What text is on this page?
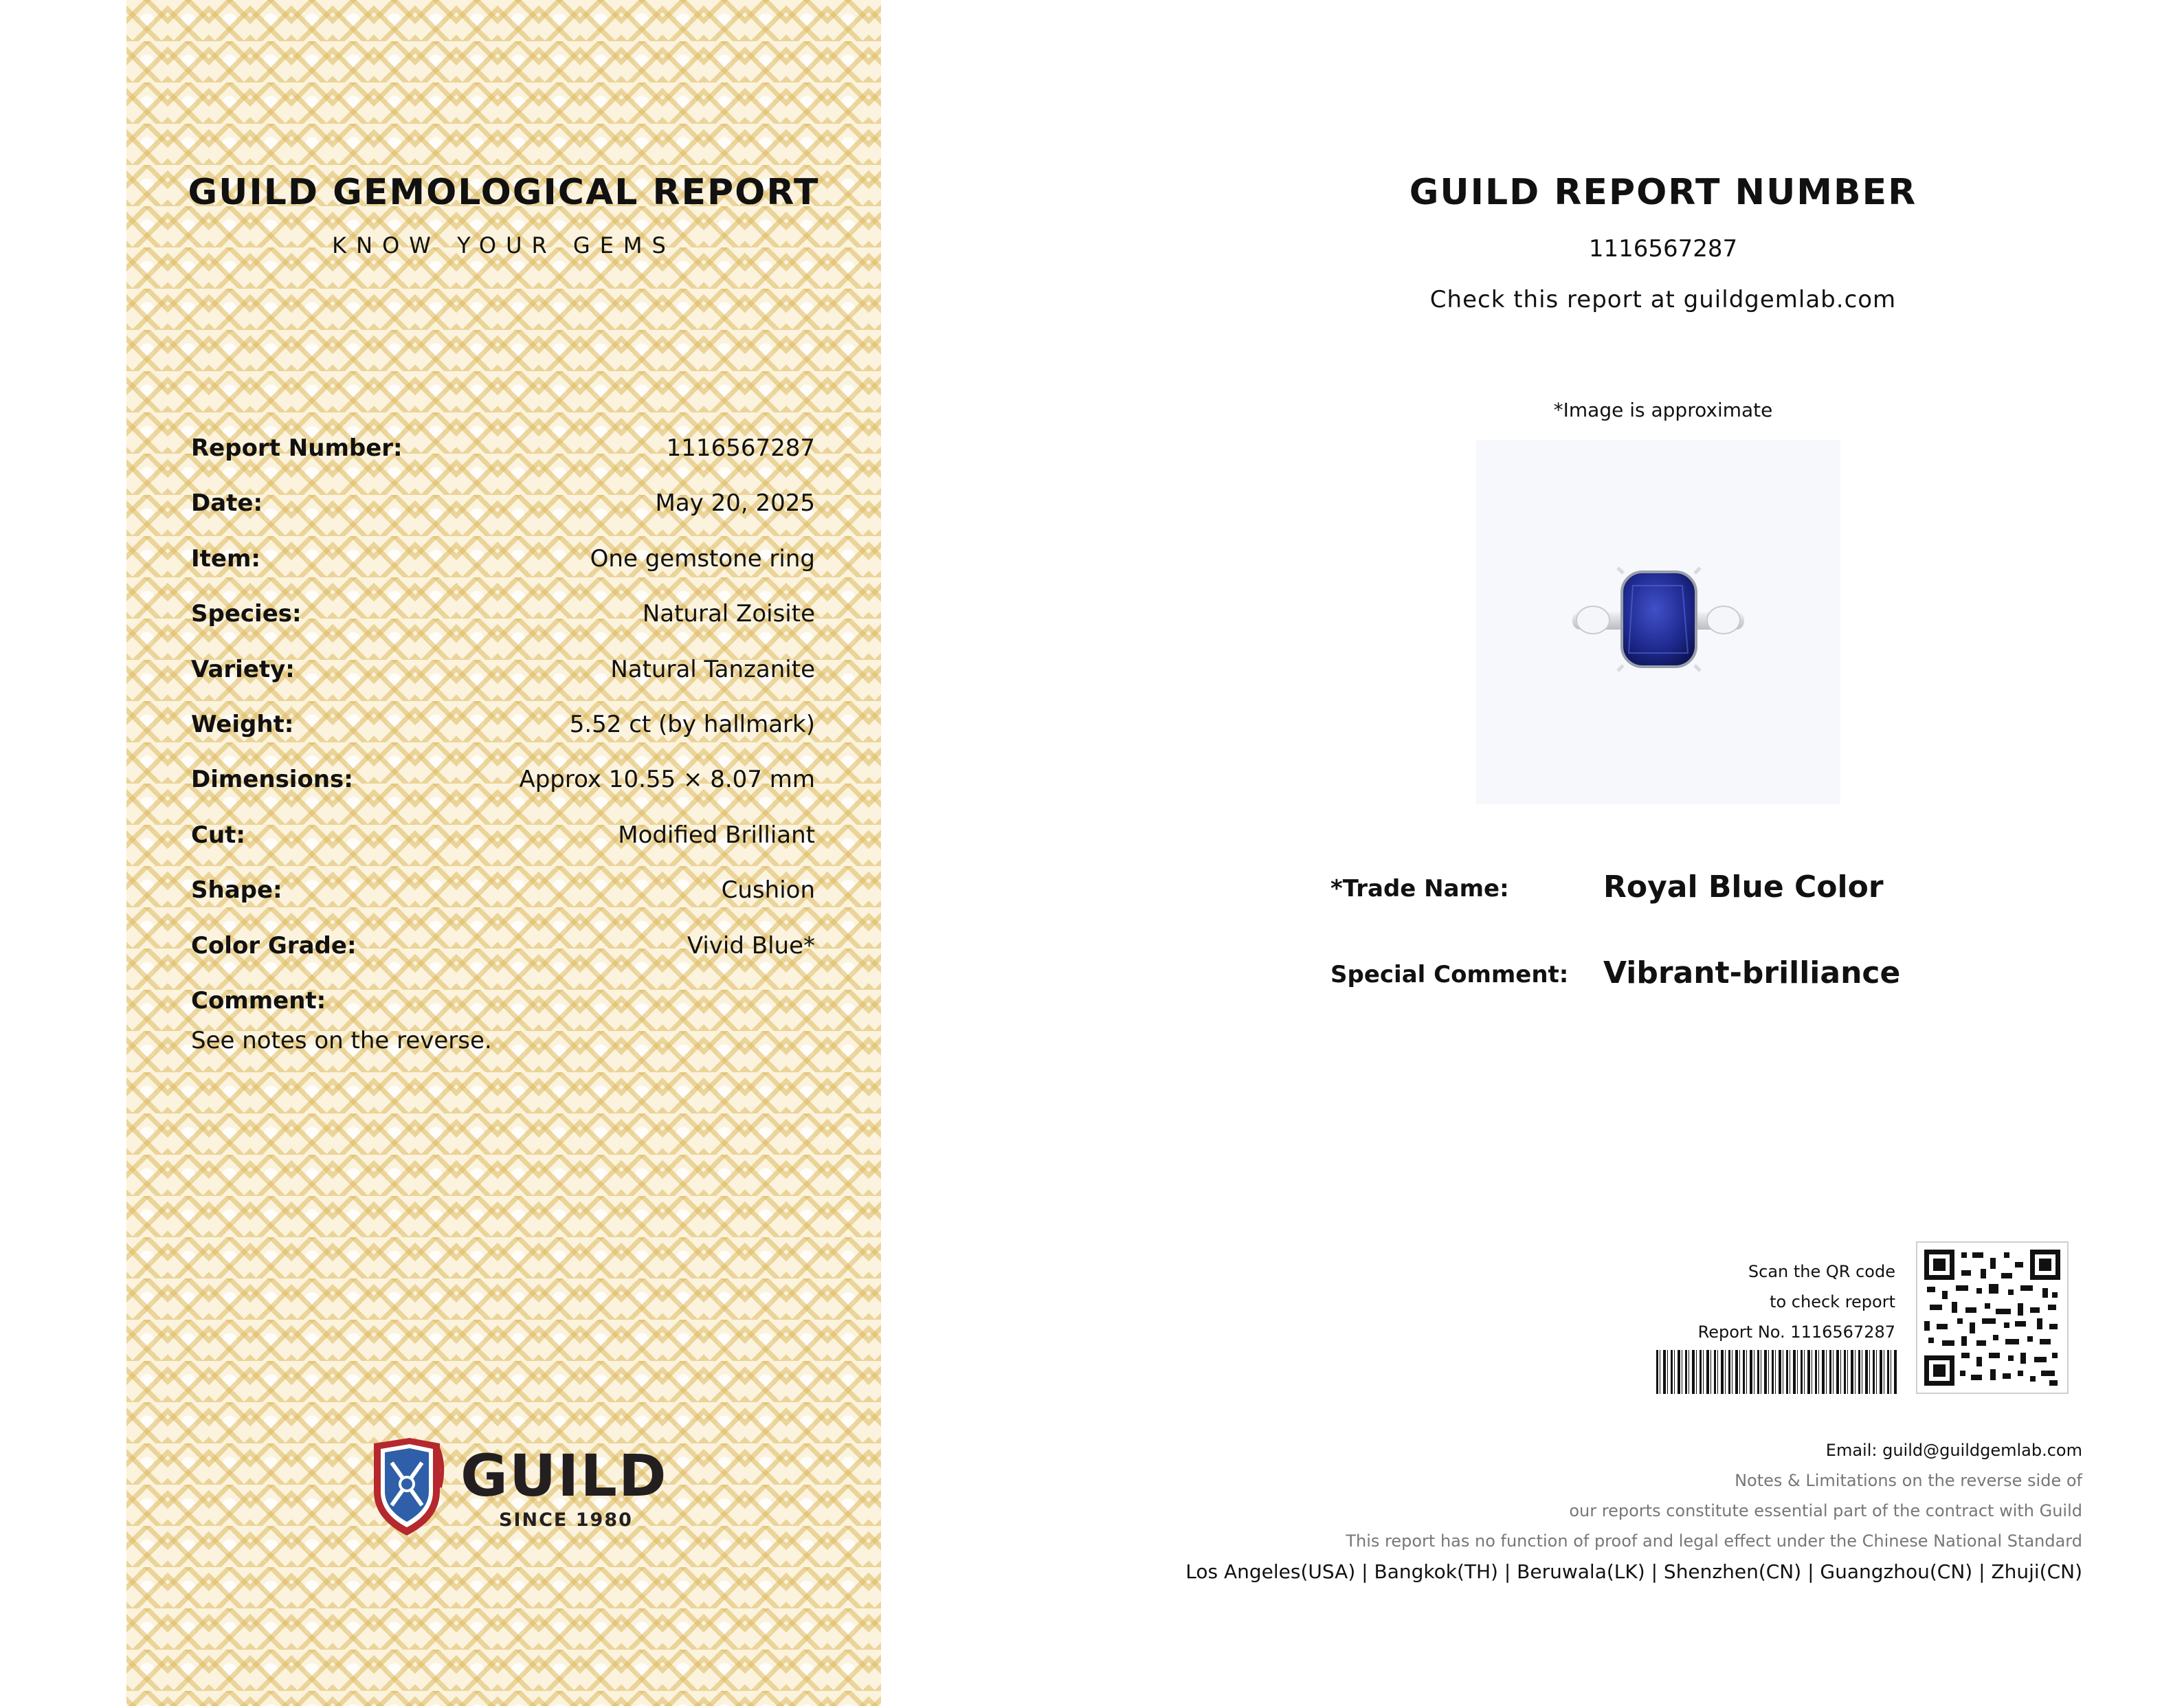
GUILD GEMOLOGICAL REPORT
KNOW YOUR GEMS
Report Number:	1116567287
Date:	May 20, 2025
Item:	One gemstone ring
Species:	Natural Zoisite
Variety:	Natural Tanzanite
Weight:	5.52 ct (by hallmark)
Dimensions:	Approx 10.55 × 8.07 mm
Cut:	Modified Brilliant
Shape:	Cushion
Color Grade:	Vivid Blue*
Comment:
See notes on the reverse.
GUILD
SINCE 1980
GUILD REPORT NUMBER
1116567287
Check this report at guildgemlab.com
*Image is approximate
*Trade Name:	Royal Blue Color
Special Comment: Vibrant-brilliance
Scan the QR code
to check report
Report No. 1116567287
Email: guild@guildgemlab.com
Notes & Limitations on the reverse side of
our reports constitute essential part of the contract with Guild
This report has no function of proof and legal effect under the Chinese National Standard
Los Angeles(USA) | Bangkok(TH) | Beruwala(LK) | Shenzhen(CN) | Guangzhou(CN) | Zhuji(CN)
